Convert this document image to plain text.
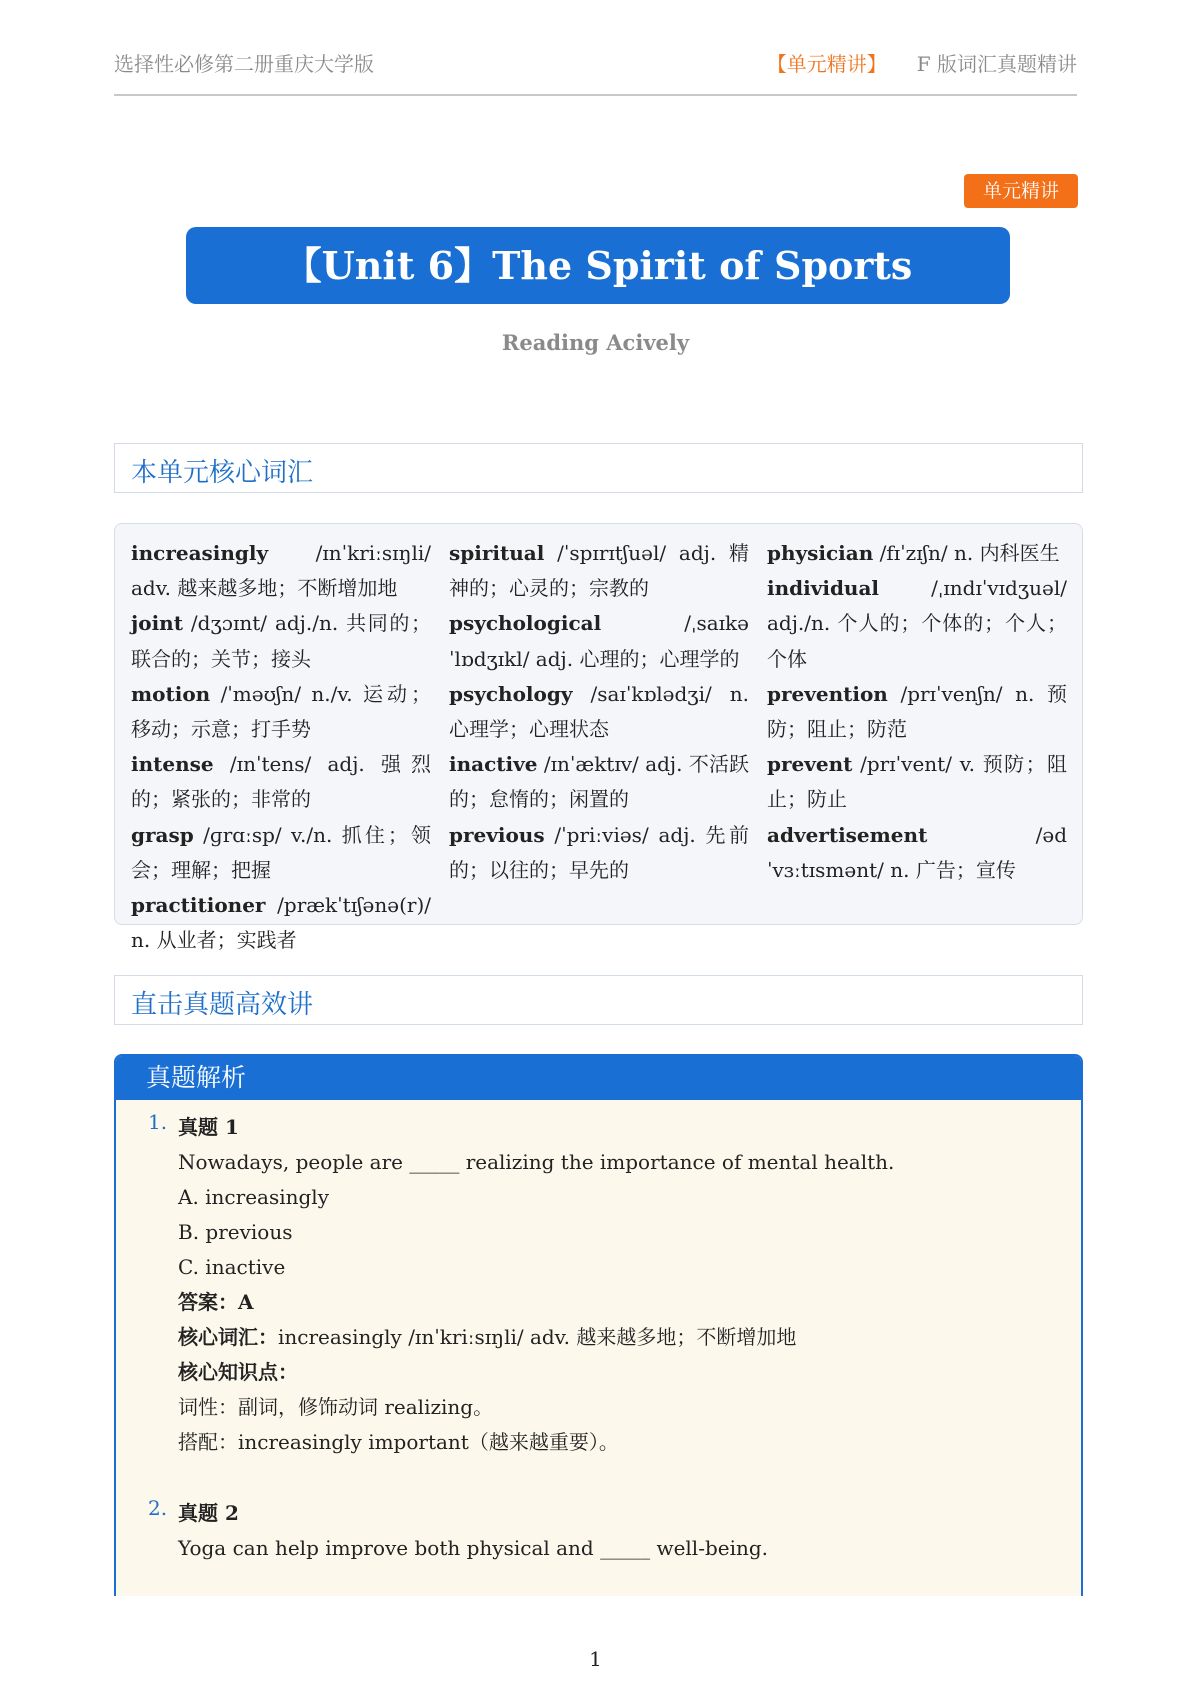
选择性必修第二册重庆大学版	【单元精讲】 F 版词汇真题精讲
单元精讲
【Unit 6】The Spirit of Sports
Reading Acively
本单元核心词汇

increasingly /ɪnˈkriːsɪŋli/ adv. 越来越多地；不断增加地

joint /dʒɔɪnt/ adj./n. 共同的；联合的；关节；接头

motion /ˈməʊʃn/ n./v. 运动；移动；示意；打手势

intense /ɪnˈtens/ adj. 强烈的；紧张的；非常的

grasp /ɡrɑːsp/ v./n. 抓住；领会；理解；把握

practitioner /prækˈtɪʃənə(r)/ n. 从业者；实践者

spiritual /ˈspɪrɪtʃuəl/ adj. 精神的；心灵的；宗教的

psychological /ˌsaɪkəˈlɒdʒɪkl/ adj. 心理的；心理学的

psychology /saɪˈkɒlədʒi/ n. 心理学；心理状态

inactive /ɪnˈæktɪv/ adj. 不活跃的；怠惰的；闲置的

previous /ˈpriːviəs/ adj. 先前的；以往的；早先的

physician /fɪˈzɪʃn/ n. 内科医生

individual /ˌɪndɪˈvɪdʒuəl/ adj./n. 个人的；个体的；个人；个体

prevention /prɪˈvenʃn/ n. 预防；阻止；防范

prevent /prɪˈvent/ v. 预防；阻止；防止

advertisement /ədˈvɜːtɪsmənt/ n. 广告；宣传

直击真题高效讲
真题解析
1. 真题 1
Nowadays, people are _____ realizing the importance of mental health.
A. increasingly
B. previous
C. inactive
答案：A
核心词汇：increasingly /ɪnˈkriːsɪŋli/ adv. 越来越多地；不断增加地
核心知识点：
词性：副词，修饰动词 realizing。
搭配：increasingly important（越来越重要）。
2. 真题 2
Yoga can help improve both physical and _____ well-being.
1
